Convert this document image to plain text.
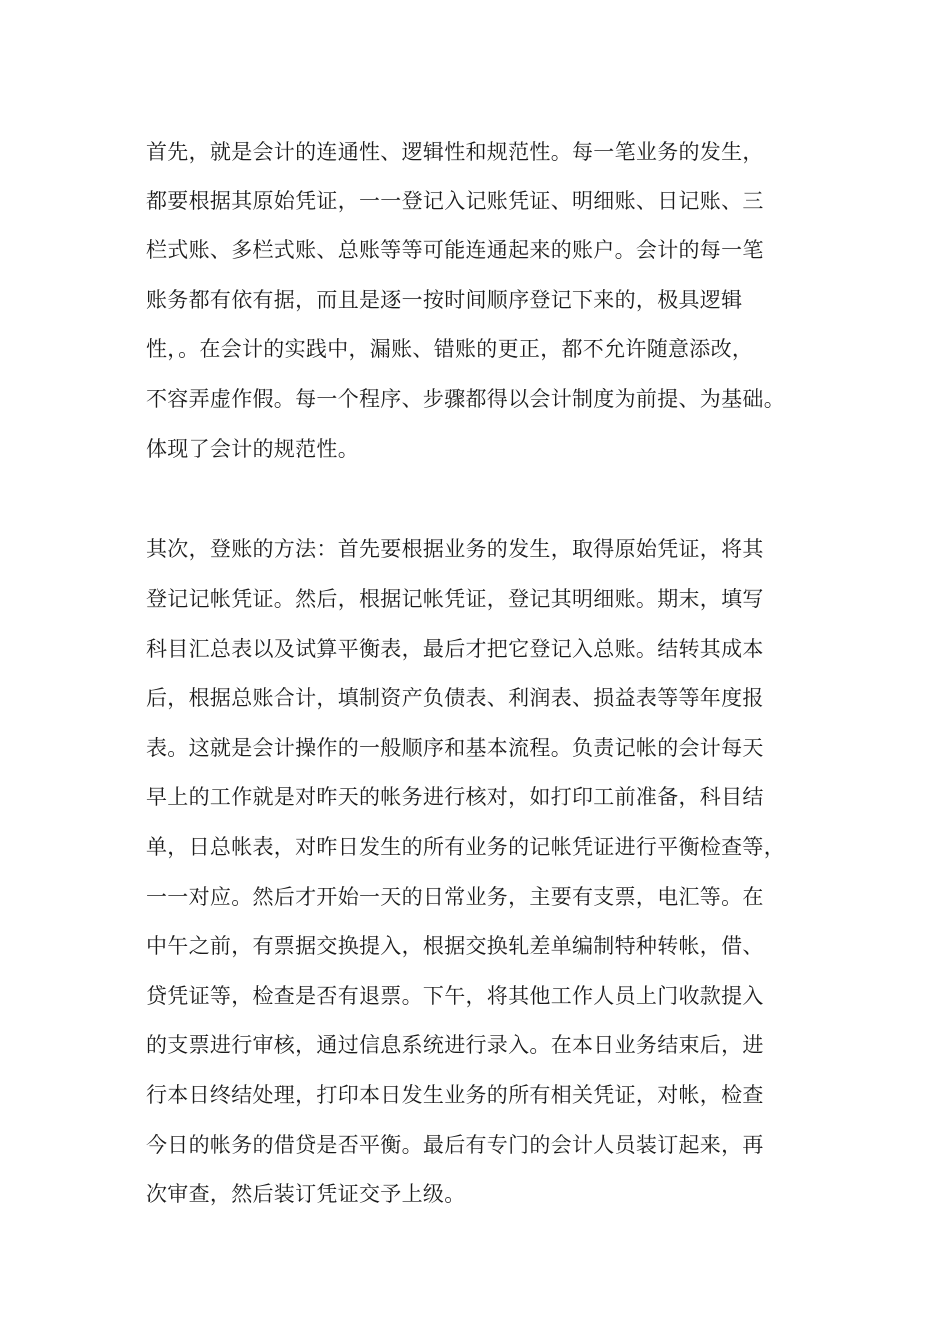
首先，就是会计的连通性、逻辑性和规范性。每一笔业务的发生，

都要根据其原始凭证，一一登记入记账凭证、明细账、日记账、三

栏式账、多栏式账、总账等等可能连通起来的账户。会计的每一笔

账务都有依有据，而且是逐一按时间顺序登记下来的，极具逻辑

性，。在会计的实践中，漏账、错账的更正，都不允许随意添改，

不容弄虚作假。每一个程序、步骤都得以会计制度为前提、为基础。

体现了会计的规范性。

其次，登账的方法：首先要根据业务的发生，取得原始凭证，将其

登记记帐凭证。然后，根据记帐凭证，登记其明细账。期末，填写

科目汇总表以及试算平衡表，最后才把它登记入总账。结转其成本

后，根据总账合计，填制资产负债表、利润表、损益表等等年度报

表。这就是会计操作的一般顺序和基本流程。负责记帐的会计每天

早上的工作就是对昨天的帐务进行核对，如打印工前准备，科目结

单，日总帐表，对昨日发生的所有业务的记帐凭证进行平衡检查等，

一一对应。然后才开始一天的日常业务，主要有支票，电汇等。在

中午之前，有票据交换提入，根据交换轧差单编制特种转帐，借、

贷凭证等，检查是否有退票。下午，将其他工作人员上门收款提入

的支票进行审核，通过信息系统进行录入。在本日业务结束后，进

行本日终结处理，打印本日发生业务的所有相关凭证，对帐，检查

今日的帐务的借贷是否平衡。最后有专门的会计人员装订起来，再

次审查，然后装订凭证交予上级。
